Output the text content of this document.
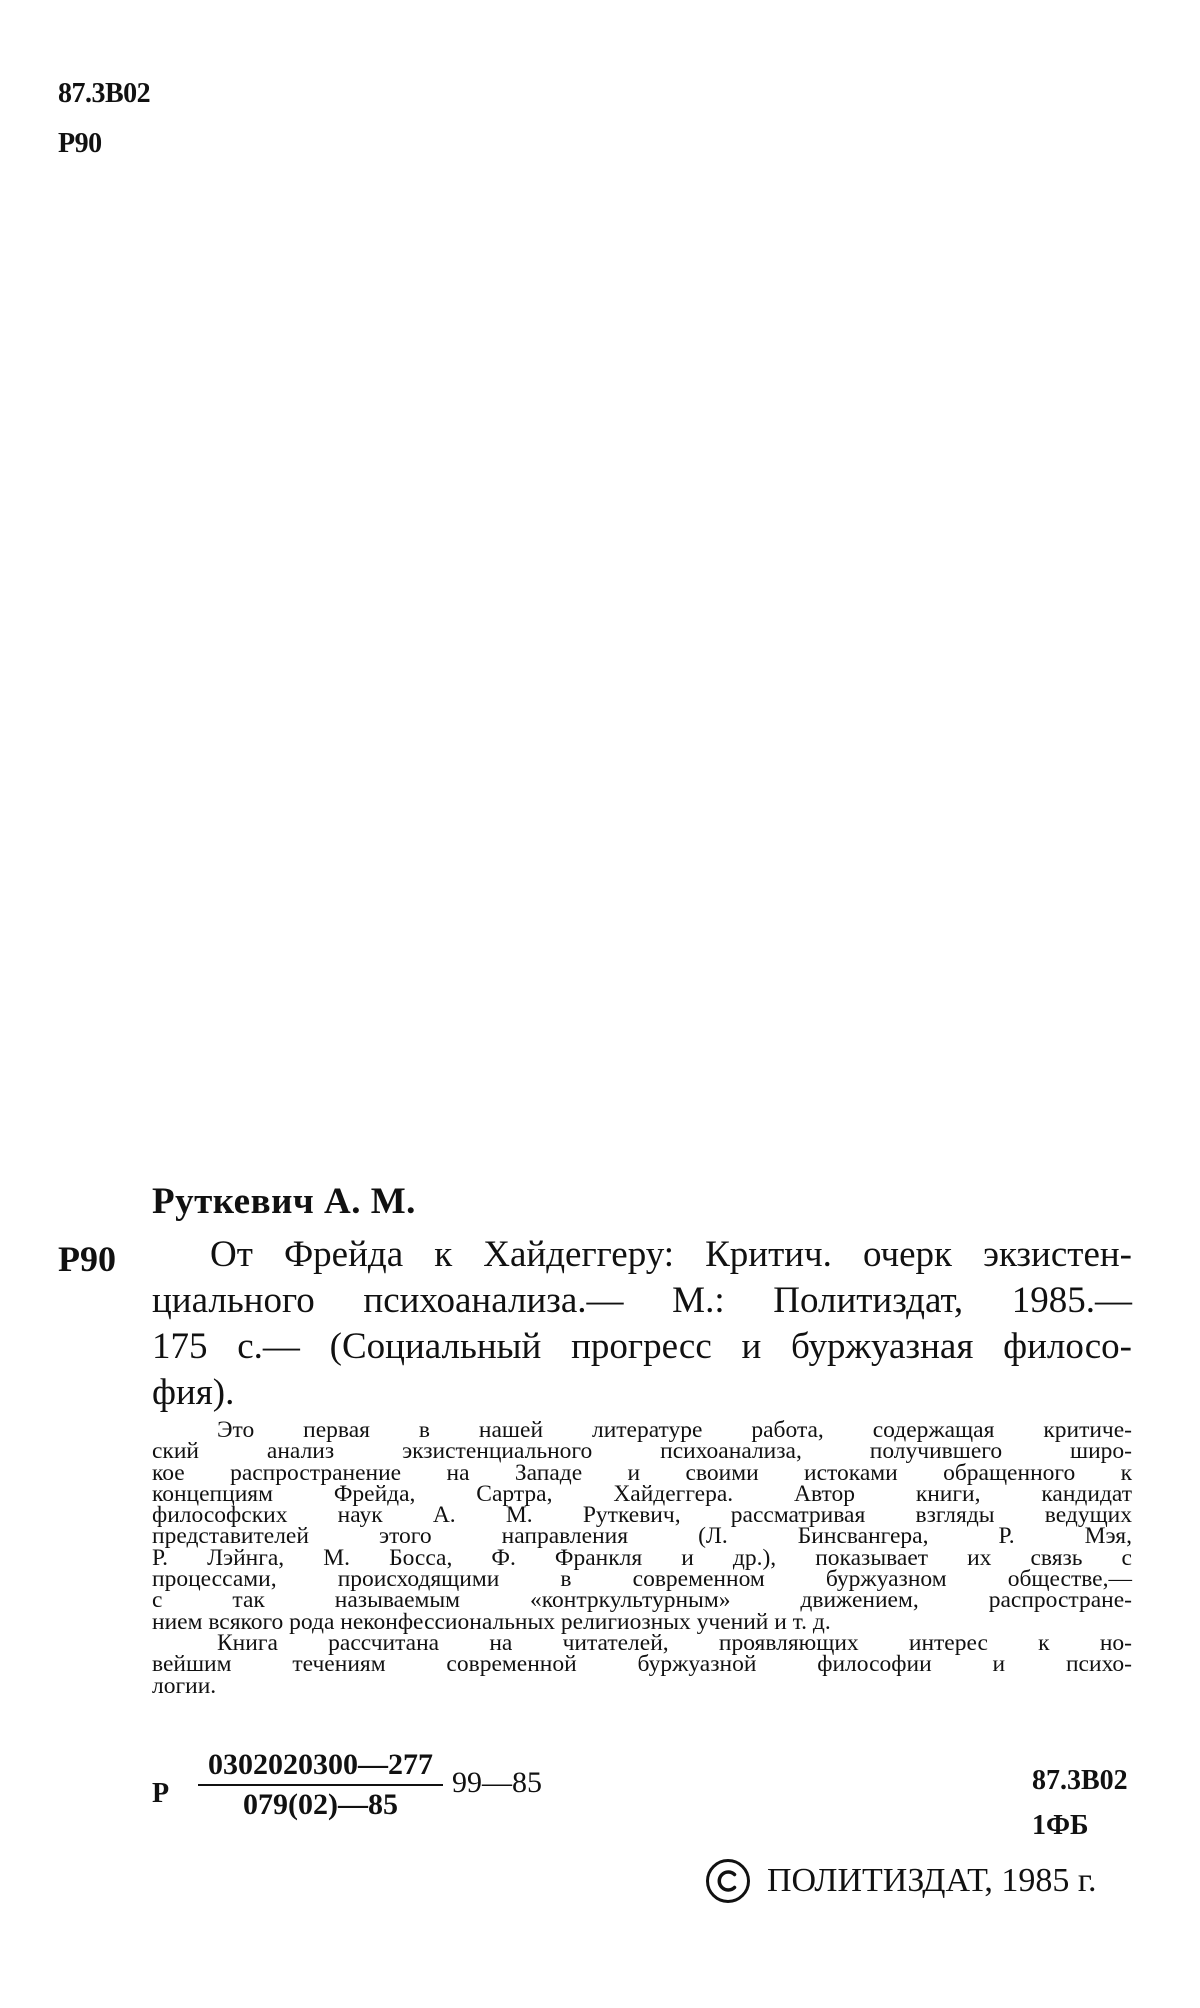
87.3В02
Р90
Руткевич А. М.
Р90	От Фрейда к Хайдеггеру: Критич. очерк экзистен-
циального психоанализа.— М.: Политиздат, 1985.—
175 с.— (Социальный прогресс и буржуазная филосо-
фия).
Это первая в нашей литературе работа, содержащая критиче-
ский анализ экзистенциального психоанализа, получившего широ-
кое распространение на Западе и своими истоками обращенного к
концепциям Фрейда, Сартра, Хайдеггера. Автор книги, кандидат
философских наук А. М. Руткевич, рассматривая взгляды ведущих
представителей этого направления (Л. Бинсвангера, Р. Мэя,
Р. Лэйнга, М. Босса, Ф. Франкля и др.), показывает их связь с
процессами, происходящими в современном буржуазном обществе,—
с так называемым «контркультурным» движением, распростране-
нием всякого рода неконфессиональных религиозных учений и т. д.
Книга рассчитана на читателей, проявляющих интерес к но-
вейшим течениям современной буржуазной философии и психо-
логии.
Р $\frac{0302020300—277}{079(02)—85}$ 99—85	87.3В02
1ФБ
ПОЛИТИЗДАТ, 1985 г.
